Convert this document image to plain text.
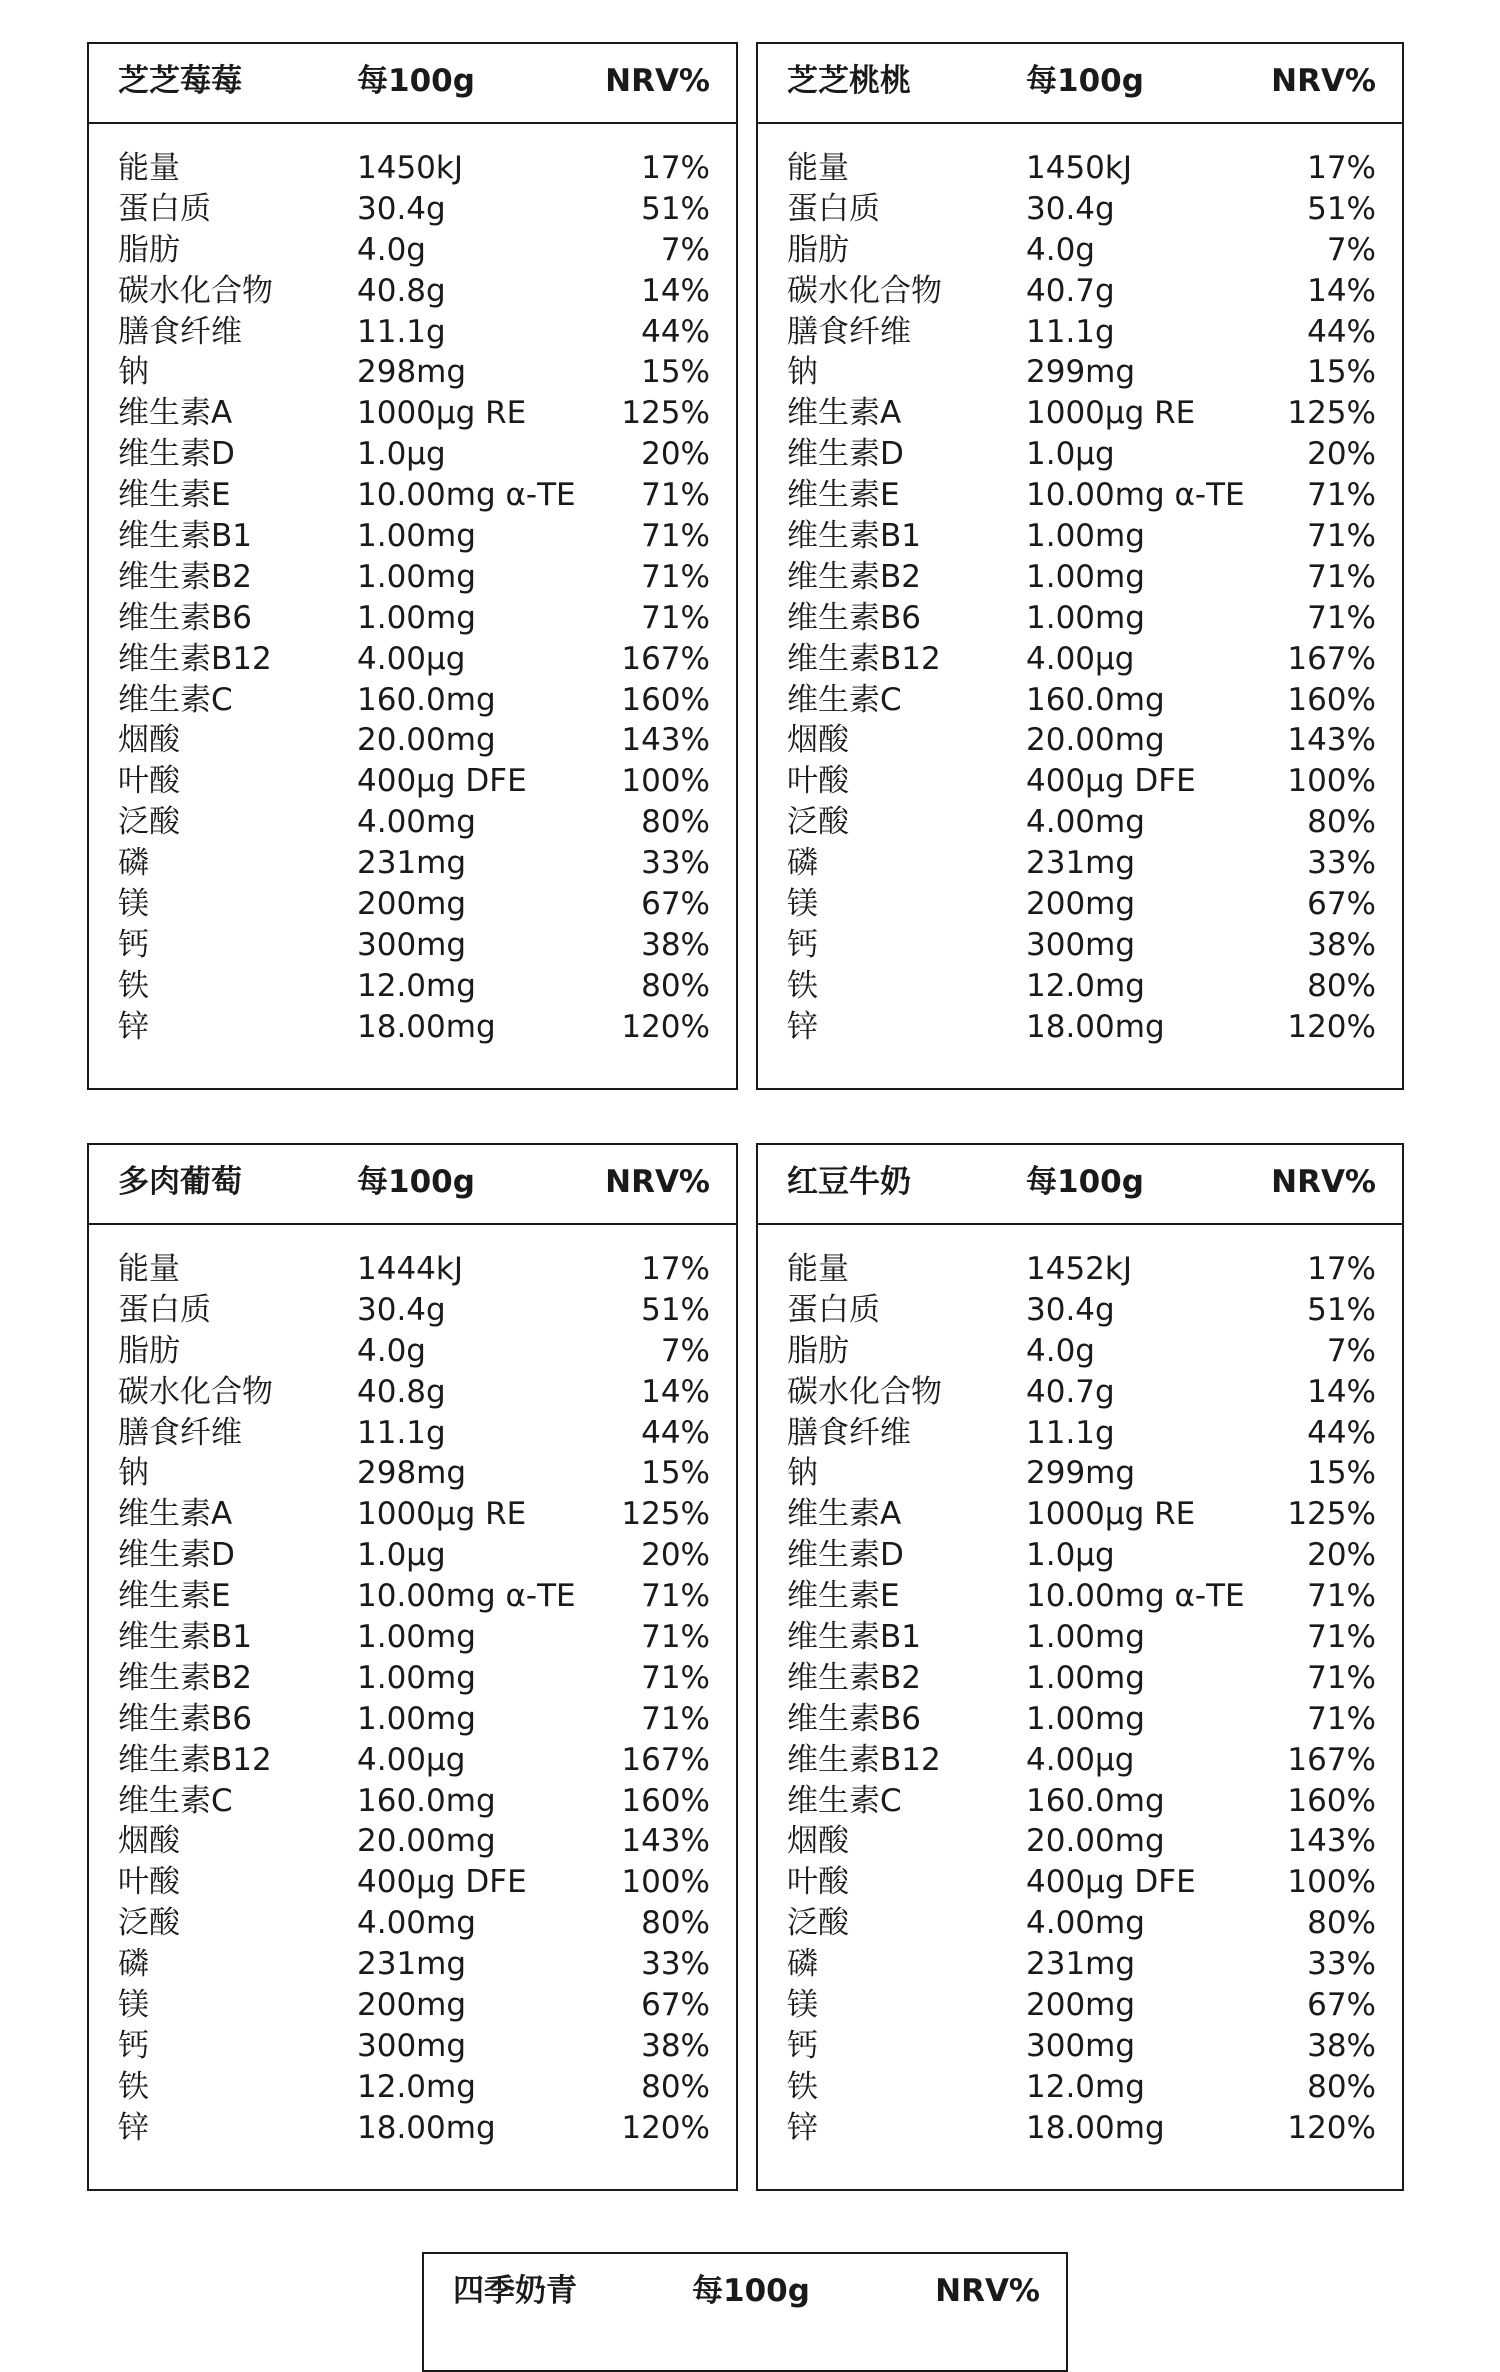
芝芝莓莓	每100g	NRV%
能量	1450kJ	17%
蛋白质	30.4g	51%
脂肪	4.0g	7%
碳水化合物	40.8g	14%
膳食纤维	11.1g	44%
钠	298mg	15%
维生素A	1000μg RE	125%
维生素D	1.0μg	20%
维生素E	10.00mg α-TE 71%
维生素B1	1.00mg	71%
维生素B2	1.00mg	71%
维生素B6	1.00mg	71%
维生素B12	4.00μg	167%
维生素C	160.0mg	160%
烟酸	20.00mg	143%
叶酸	400μg DFE	100%
泛酸	4.00mg	80%
磷	231mg	33%
镁	200mg	67%
钙	300mg	38%
铁	12.0mg	80%
锌	18.00mg	120%
芝芝桃桃	每100g	NRV%
能量	1450kJ	17%
蛋白质	30.4g	51%
脂肪	4.0g	7%
碳水化合物	40.7g	14%
膳食纤维	11.1g	44%
钠	299mg	15%
维生素A	1000μg RE	125%
维生素D	1.0μg	20%
维生素E	10.00mg α-TE 71%
维生素B1	1.00mg	71%
维生素B2	1.00mg	71%
维生素B6	1.00mg	71%
维生素B12	4.00μg	167%
维生素C	160.0mg	160%
烟酸	20.00mg	143%
叶酸	400μg DFE	100%
泛酸	4.00mg	80%
磷	231mg	33%
镁	200mg	67%
钙	300mg	38%
铁	12.0mg	80%
锌	18.00mg	120%
多肉葡萄	每100g	NRV%
能量	1444kJ	17%
蛋白质	30.4g	51%
脂肪	4.0g	7%
碳水化合物	40.8g	14%
膳食纤维	11.1g	44%
钠	298mg	15%
维生素A	1000μg RE	125%
维生素D	1.0μg	20%
维生素E	10.00mg α-TE 71%
维生素B1	1.00mg	71%
维生素B2	1.00mg	71%
维生素B6	1.00mg	71%
维生素B12	4.00μg	167%
维生素C	160.0mg	160%
烟酸	20.00mg	143%
叶酸	400μg DFE	100%
泛酸	4.00mg	80%
磷	231mg	33%
镁	200mg	67%
钙	300mg	38%
铁	12.0mg	80%
锌	18.00mg	120%
红豆牛奶	每100g	NRV%
能量	1452kJ	17%
蛋白质	30.4g	51%
脂肪	4.0g	7%
碳水化合物	40.7g	14%
膳食纤维	11.1g	44%
钠	299mg	15%
维生素A	1000μg RE	125%
维生素D	1.0μg	20%
维生素E	10.00mg α-TE 71%
维生素B1	1.00mg	71%
维生素B2	1.00mg	71%
维生素B6	1.00mg	71%
维生素B12	4.00μg	167%
维生素C	160.0mg	160%
烟酸	20.00mg	143%
叶酸	400μg DFE	100%
泛酸	4.00mg	80%
磷	231mg	33%
镁	200mg	67%
钙	300mg	38%
铁	12.0mg	80%
锌	18.00mg	120%
四季奶青	每100g	NRV%
